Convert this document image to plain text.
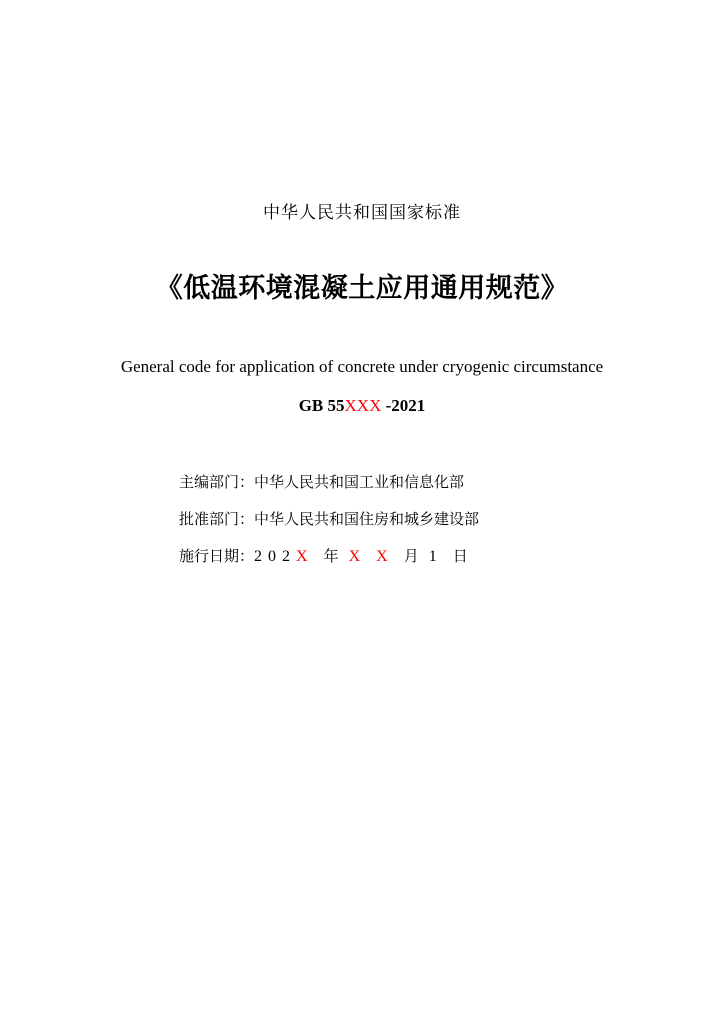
中华人民共和国国家标准
《低温环境混凝土应用通用规范》
General code for application of concrete under cryogenic circumstance
GB 55XXX -2021
主编部门：中华人民共和国工业和信息化部
批准部门：中华人民共和国住房和城乡建设部
施行日期：202X 年 X X 月 1 日
